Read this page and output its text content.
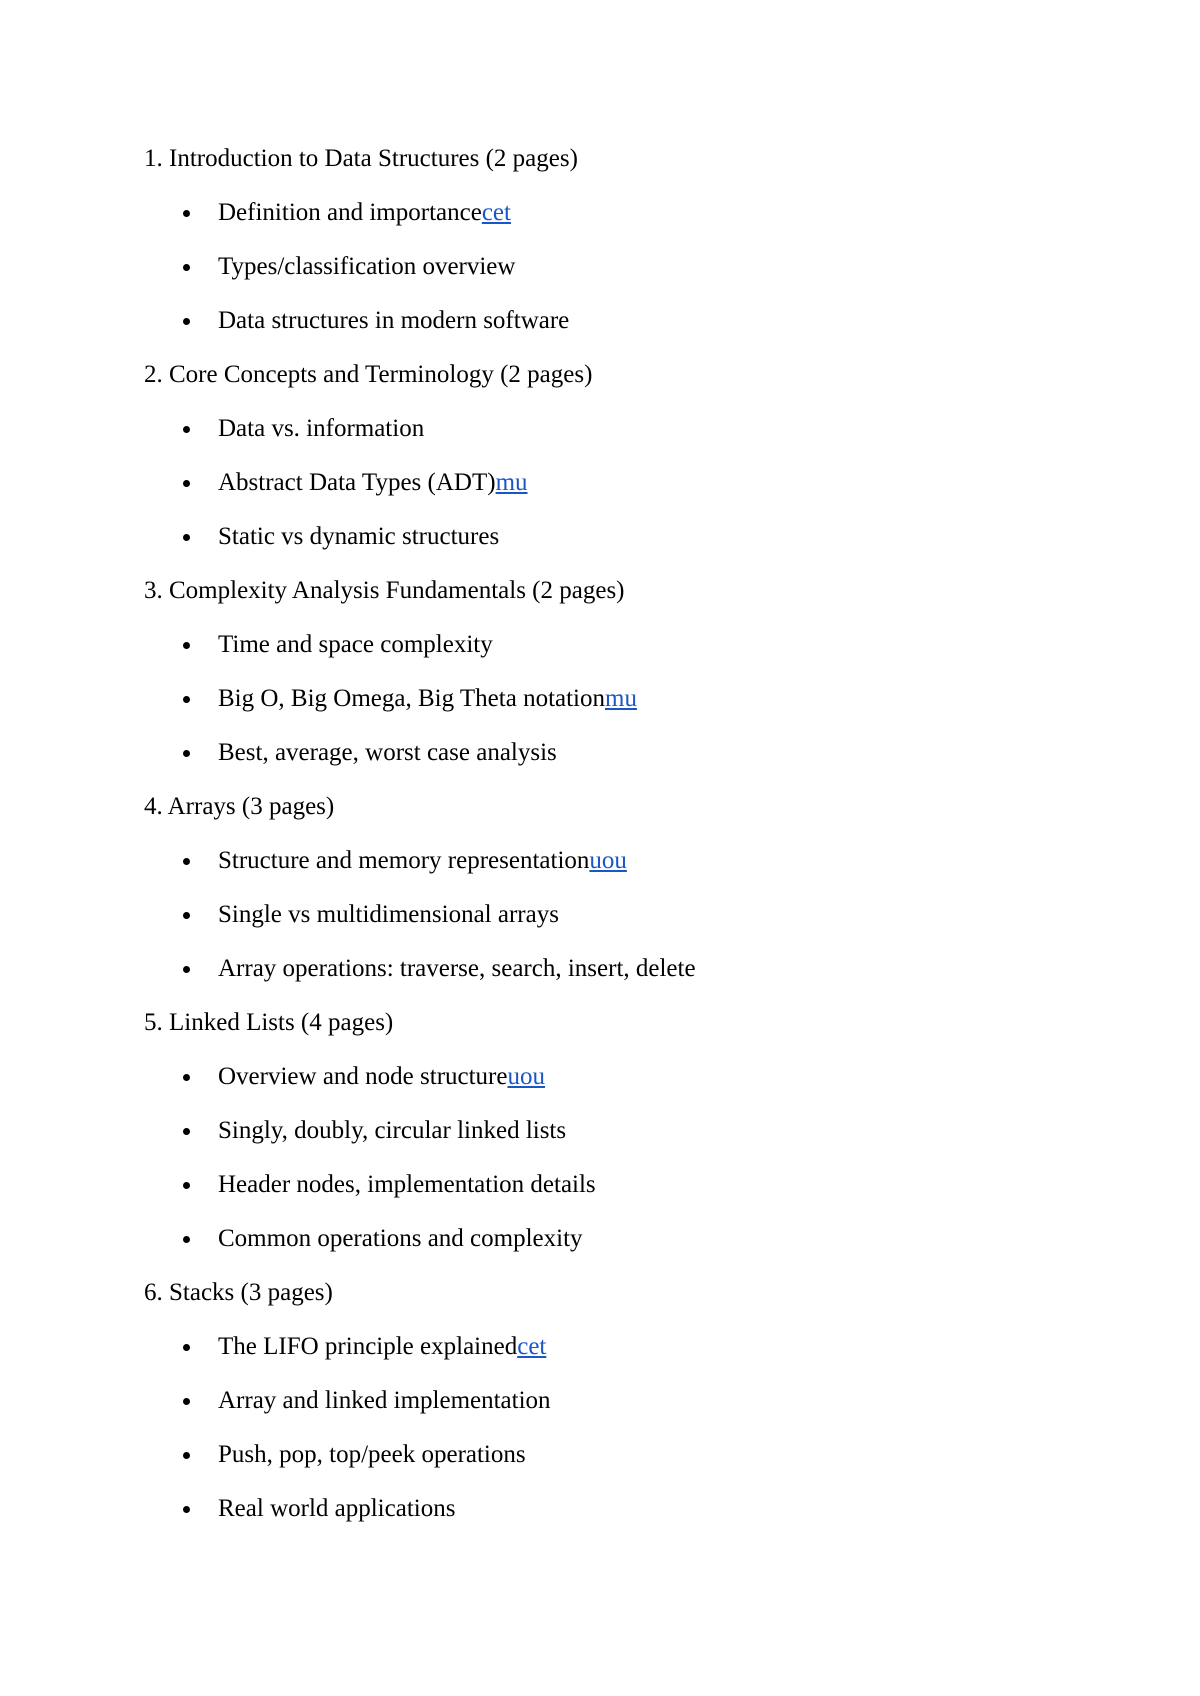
1. Introduction to Data Structures (2 pages)
Definition and importancecet
Types/classification overview
Data structures in modern software
2. Core Concepts and Terminology (2 pages)
Data vs. information
Abstract Data Types (ADT)mu
Static vs dynamic structures
3. Complexity Analysis Fundamentals (2 pages)
Time and space complexity
Big O, Big Omega, Big Theta notationmu
Best, average, worst case analysis
4. Arrays (3 pages)
Structure and memory representationuou
Single vs multidimensional arrays
Array operations: traverse, search, insert, delete
5. Linked Lists (4 pages)
Overview and node structureuou
Singly, doubly, circular linked lists
Header nodes, implementation details
Common operations and complexity
6. Stacks (3 pages)
The LIFO principle explainedcet
Array and linked implementation
Push, pop, top/peek operations
Real world applications
